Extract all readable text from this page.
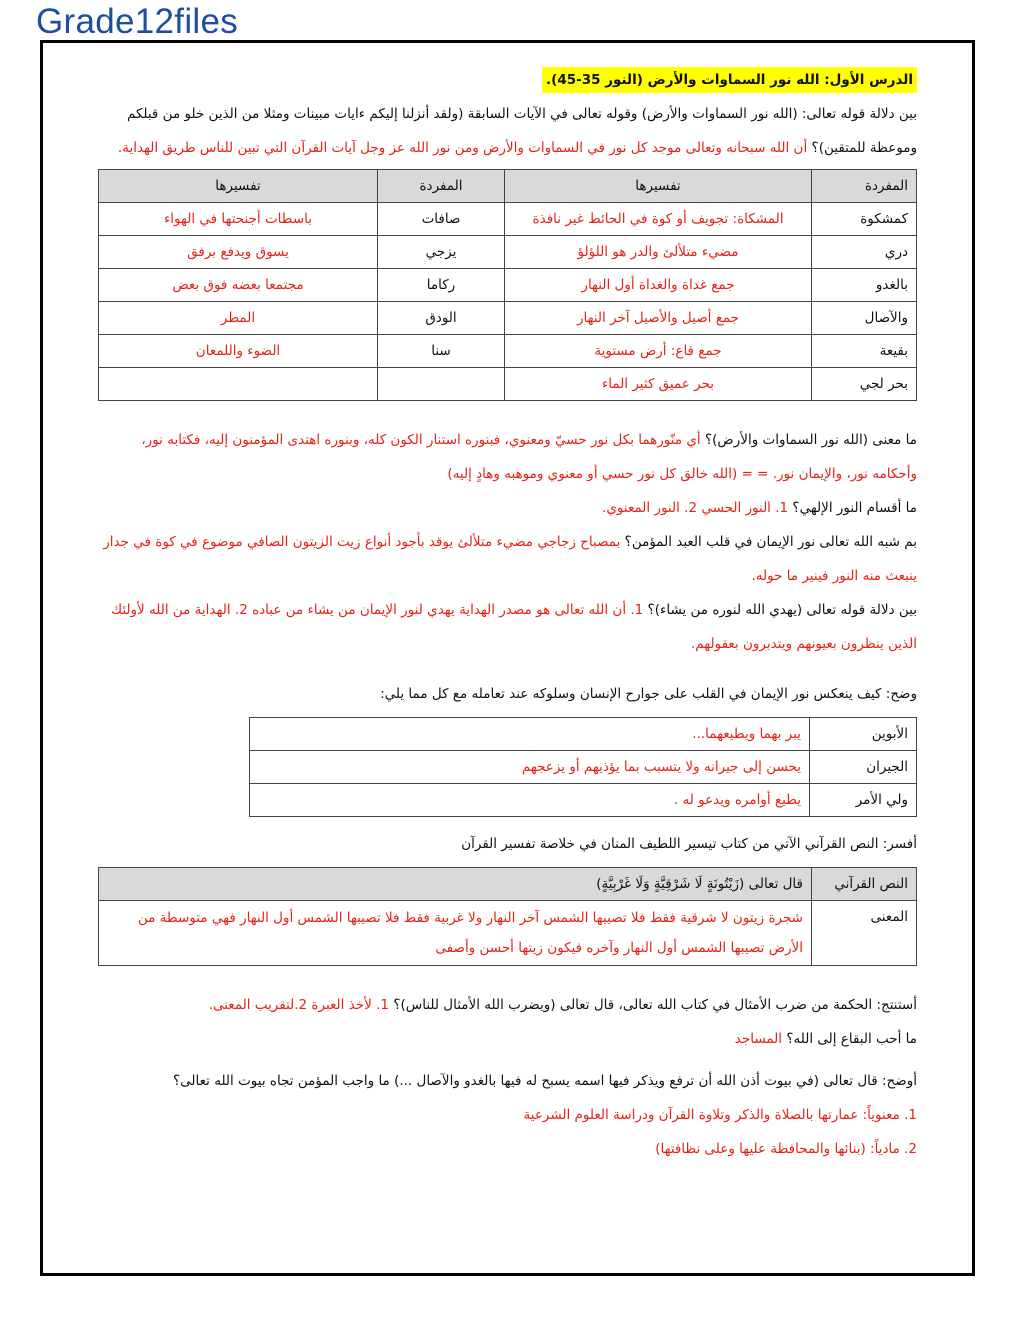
Grade12files
الدرس الأول: الله نور السماوات والأرض (النور 35-45).

بين دلالة قوله تعالى: (الله نور السماوات والأرض) وقوله تعالى في الآيات السابقة (ولقد أنزلنا إليكم ءايات مبينات ومثلا من الذين خلو من قبلكم وموعظة للمتقين)؟ أن الله سبحانه وتعالى موجد كل نور في السماوات والأرض ومن نور الله عز وجل آيات القرآن التي تبين للناس طريق الهداية.

المفردة	تفسيرها	المفردة	تفسيرها
كمشكوة	المشكاة: تجويف أو كوة في الحائط غير نافذة	صافات	باسطات أجنحتها في الهواء
دري	مضيء متلألئ والدر هو اللؤلؤ	يزجي	يسوق ويدفع برفق
بالغدو	جمع غداة والغداة أول النهار	ركاما	مجتمعا بعضه فوق بعض
والآصال	جمع أصيل والأصيل آخر النهار	الودق	المطر
بقيعة	جمع قاع: أرض مستوية	سنا	الضوء واللمعان
بحر لجي	بحر عميق كثير الماء		

ما معنى (الله نور السماوات والأرض)؟ أي منّورهما بكل نور حسيّ ومعنوي، فبنوره استنار الكون كله، وبنوره اهتدى المؤمنون إليه، فكتابه نور، وأحكامه نور، والإيمان نور. = = (الله خالق كل نور حسي أو معنوي وموهبه وهادٍ إليه)

ما أقسام النور الإلهي؟ 1. النور الحسي 2. النور المعنوي.

بم شبه الله تعالى نور الإيمان في قلب العبد المؤمن؟ بمصباح زجاجي مضيء متلألئ يوقد بأجود أنواع زيت الزيتون الصافي موضوع في كوة في جدار ينبعث منه النور فينير ما حوله.

بين دلالة قوله تعالى (يهدي الله لنوره من يشاء)؟ 1. أن الله تعالى هو مصدر الهداية يهدي لنور الإيمان من يشاء من عباده 2. الهداية من الله لأولئك الذين ينظرون بعيونهم ويتدبرون بعقولهم.

وضح: كيف ينعكس نور الإيمان في القلب على جوارح الإنسان وسلوكه عند تعامله مع كل مما يلي:

الأبوين	يبر بهما ويطيعهما...
الجيران	يحسن إلى جيرانه ولا يتسبب بما يؤذيهم أو يزعجهم
ولي الأمر	يطيع أوامره ويدعو له .

أفسر: النص القرآني الآتي من كتاب تيسير اللطيف المنان في خلاصة تفسير القرآن

النص القرآني	قال تعالى (زَيْتُونَةٍ لَا شَرْقِيَّةٍ وَلَا غَرْبِيَّةٍ)
المعنى	شجرة زيتون لا شرقية فقط فلا تصيبها الشمس آخر النهار ولا غربية فقط فلا تصيبها الشمس أول النهار فهي متوسطة من الأرض تصيبها الشمس أول النهار وآخره فيكون زيتها أحسن وأصفى

أستنتج: الحكمة من ضرب الأمثال في كتاب الله تعالى، قال تعالى (ويضرب الله الأمثال للناس)؟ 1. لأخذ العبرة 2.لتقريب المعنى.

ما أحب البقاع إلى الله؟ المساجد

أوضح: قال تعالى (في بيوت أذن الله أن ترفع ويذكر فيها اسمه يسبح له فيها بالغدو والآصال ...) ما واجب المؤمن تجاه بيوت الله تعالى؟

1. معنوياً: عمارتها بالصلاة والذكر وتلاوة القرآن ودراسة العلوم الشرعية

2. مادياً: (بنائها والمحافظة عليها وعلى نظافتها)
